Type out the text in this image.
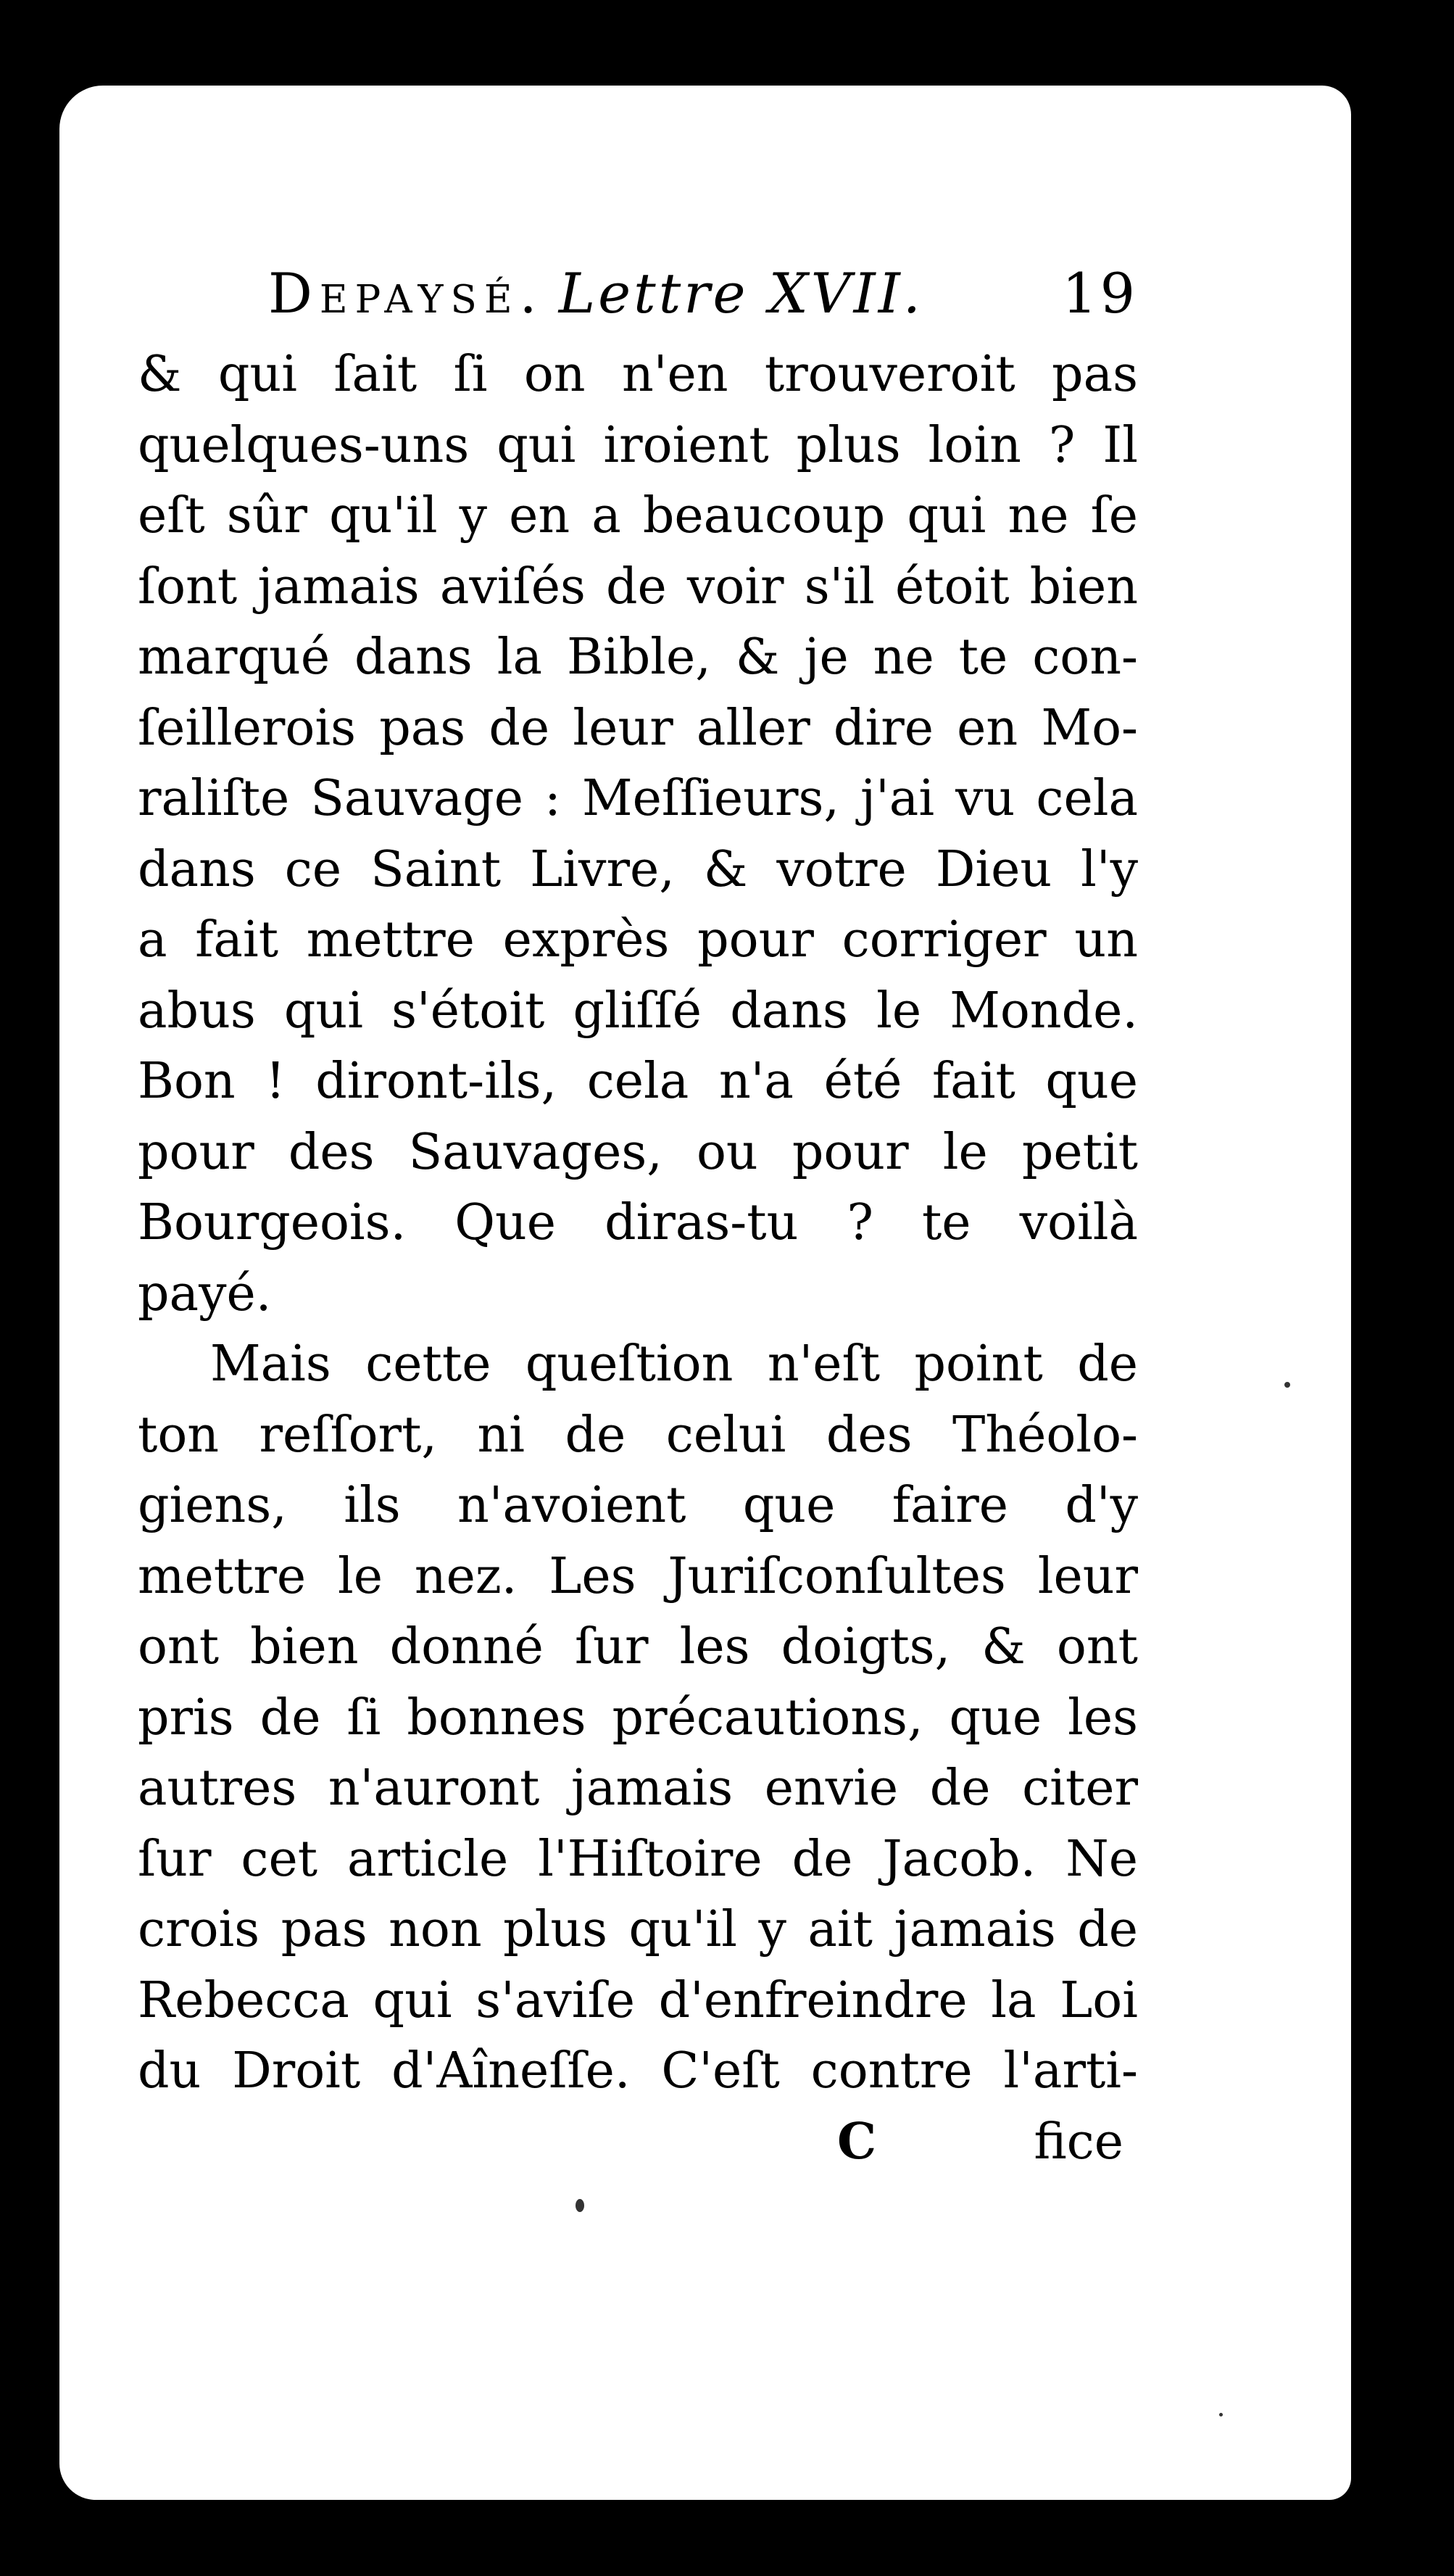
Depaysé. Lettre XVII.	19
& qui ſait ſi on n'en trouveroit pas
quelques-uns qui iroient plus loin ? Il
eſt sûr qu'il y en a beaucoup qui ne ſe
ſont jamais aviſés de voir s'il étoit bien
marqué dans la Bible, & je ne te con-
ſeillerois pas de leur aller dire en Mo-
raliſte Sauvage : Meſſieurs, j'ai vu cela
dans ce Saint Livre, & votre Dieu l'y
a fait mettre exprès pour corriger un
abus qui s'étoit gliſſé dans le Monde.
Bon ! diront-ils, cela n'a été fait que
pour des Sauvages, ou pour le petit
Bourgeois. Que diras-tu ? te voilà
payé.
Mais cette queſtion n'eſt point de
ton reſſort, ni de celui des Théolo-
giens, ils n'avoient que faire d'y
mettre le nez. Les Juriſconſultes leur
ont bien donné ſur les doigts, & ont
pris de ſi bonnes précautions, que les
autres n'auront jamais envie de citer
ſur cet article l'Hiſtoire de Jacob. Ne
crois pas non plus qu'il y ait jamais de
Rebecca qui s'aviſe d'enfreindre la Loi
du Droit d'Aîneſſe. C'eſt contre l'arti-
C	fice
